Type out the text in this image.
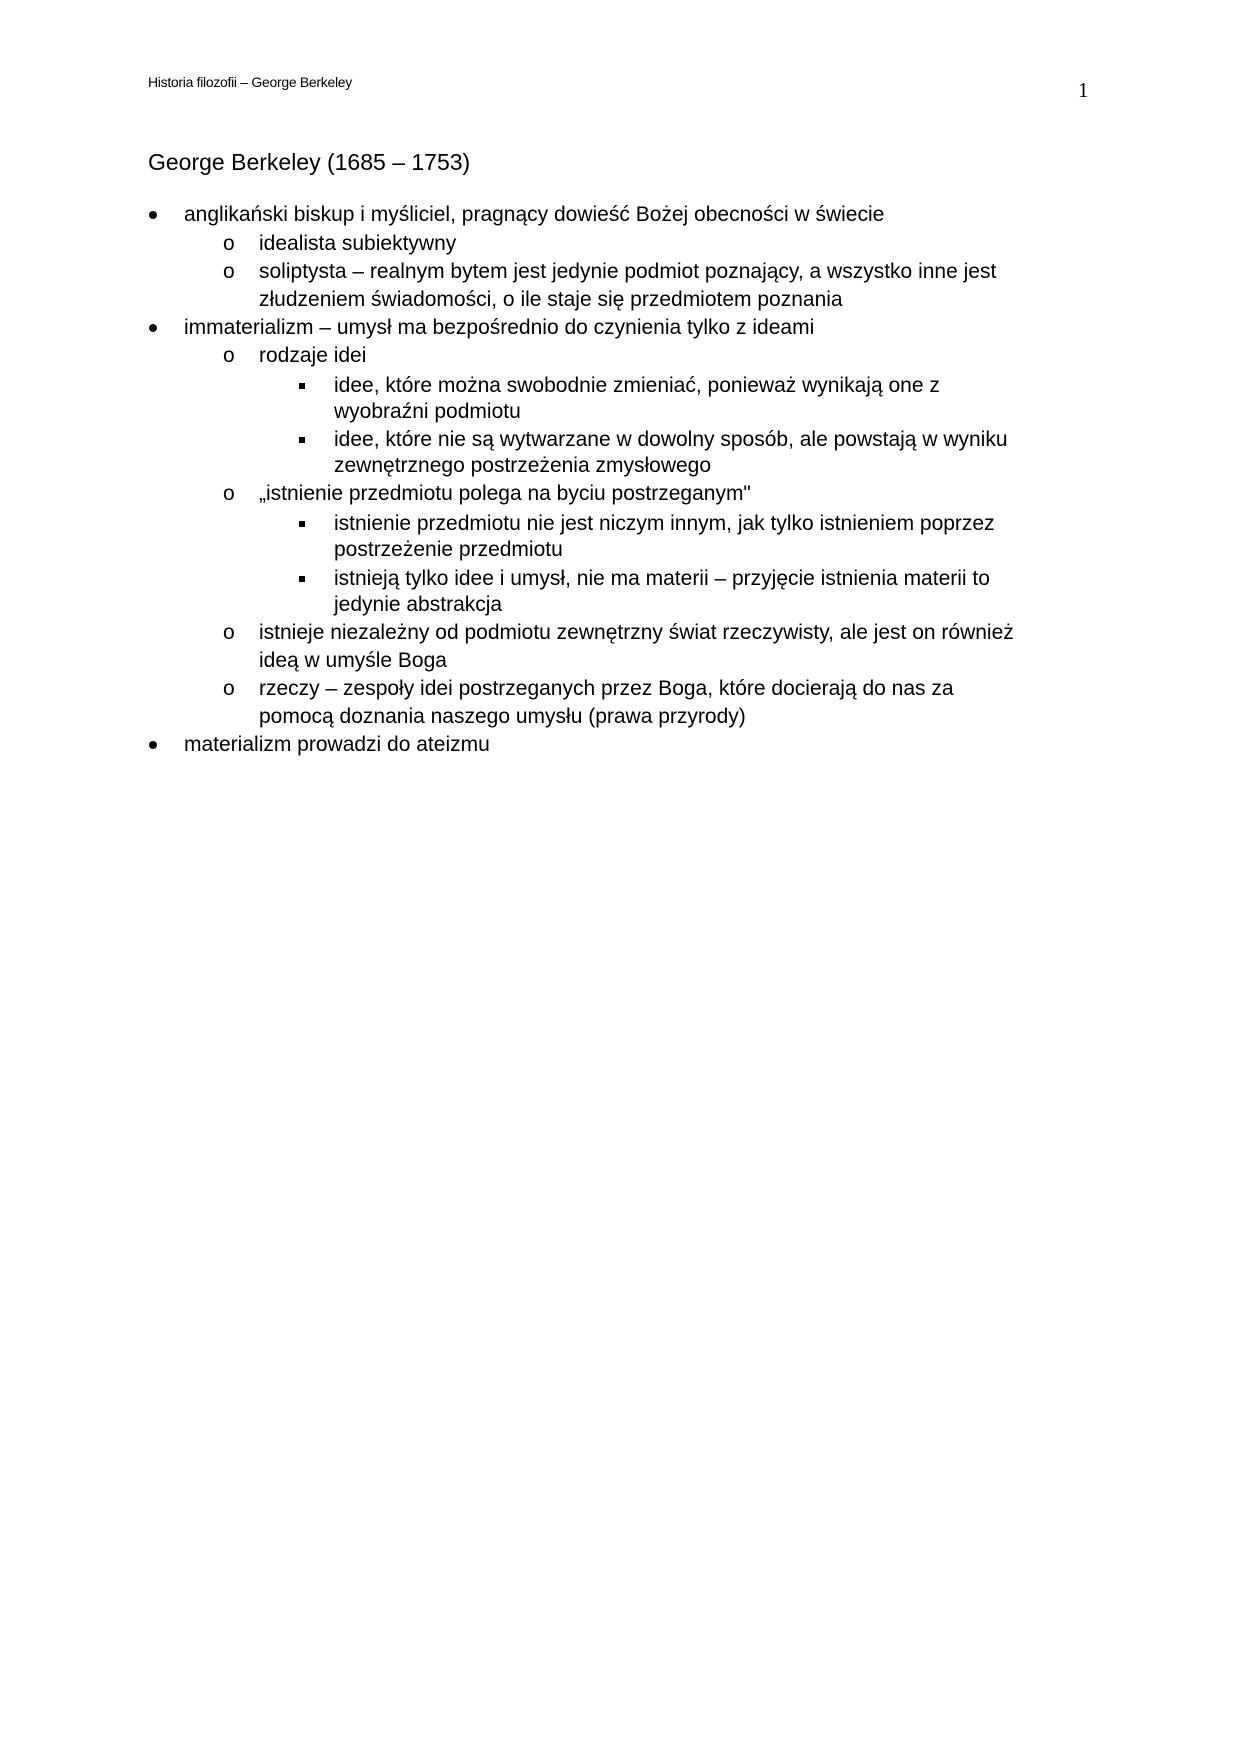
Historia filozofii – George Berkeley	1
George Berkeley (1685 – 1753)
anglikański biskup i myśliciel, pragnący dowieść Bożej obecności w świecie
o idealista subiektywny
o soliptysta – realnym bytem jest jedynie podmiot poznający, a wszystko inne jest
złudzeniem świadomości, o ile staje się przedmiotem poznania
immaterializm – umysł ma bezpośrednio do czynienia tylko z ideami
o rodzaje idei
idee, które można swobodnie zmieniać, ponieważ wynikają one z
wyobraźni podmiotu
idee, które nie są wytwarzane w dowolny sposób, ale powstają w wyniku
zewnętrznego postrzeżenia zmysłowego
o „istnienie przedmiotu polega na byciu postrzeganym"
istnienie przedmiotu nie jest niczym innym, jak tylko istnieniem poprzez
postrzeżenie przedmiotu
istnieją tylko idee i umysł, nie ma materii – przyjęcie istnienia materii to
jedynie abstrakcja
o istnieje niezależny od podmiotu zewnętrzny świat rzeczywisty, ale jest on również
ideą w umyśle Boga
o rzeczy – zespoły idei postrzeganych przez Boga, które docierają do nas za
pomocą doznania naszego umysłu (prawa przyrody)
materializm prowadzi do ateizmu
